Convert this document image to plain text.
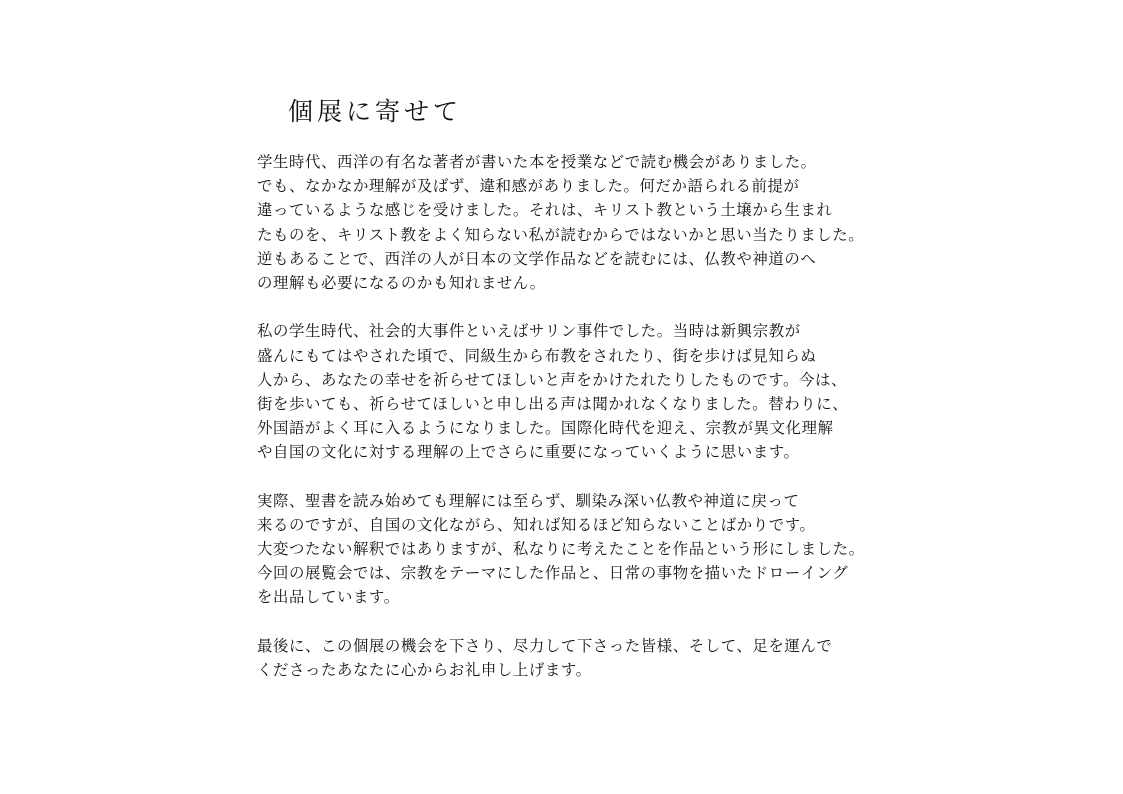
個展に寄せて
学生時代、西洋の有名な著者が書いた本を授業などで読む機会がありました。
でも、なかなか理解が及ばず、違和感がありました。何だか語られる前提が
違っているような感じを受けました。それは、キリスト教という土壌から生まれ
たものを、キリスト教をよく知らない私が読むからではないかと思い当たりました。
逆もあることで、西洋の人が日本の文学作品などを読むには、仏教や神道のへ
の理解も必要になるのかも知れません。
私の学生時代、社会的大事件といえばサリン事件でした。当時は新興宗教が
盛んにもてはやされた頃で、同級生から布教をされたり、街を歩けば見知らぬ
人から、あなたの幸せを祈らせてほしいと声をかけたれたりしたものです。今は、
街を歩いても、祈らせてほしいと申し出る声は聞かれなくなりました。替わりに、
外国語がよく耳に入るようになりました。国際化時代を迎え、宗教が異文化理解
や自国の文化に対する理解の上でさらに重要になっていくように思います。
実際、聖書を読み始めても理解には至らず、馴染み深い仏教や神道に戻って
来るのですが、自国の文化ながら、知れば知るほど知らないことばかりです。
大変つたない解釈ではありますが、私なりに考えたことを作品という形にしました。
今回の展覧会では、宗教をテーマにした作品と、日常の事物を描いたドローイング
を出品しています。
最後に、この個展の機会を下さり、尽力して下さった皆様、そして、足を運んで
くださったあなたに心からお礼申し上げます。
